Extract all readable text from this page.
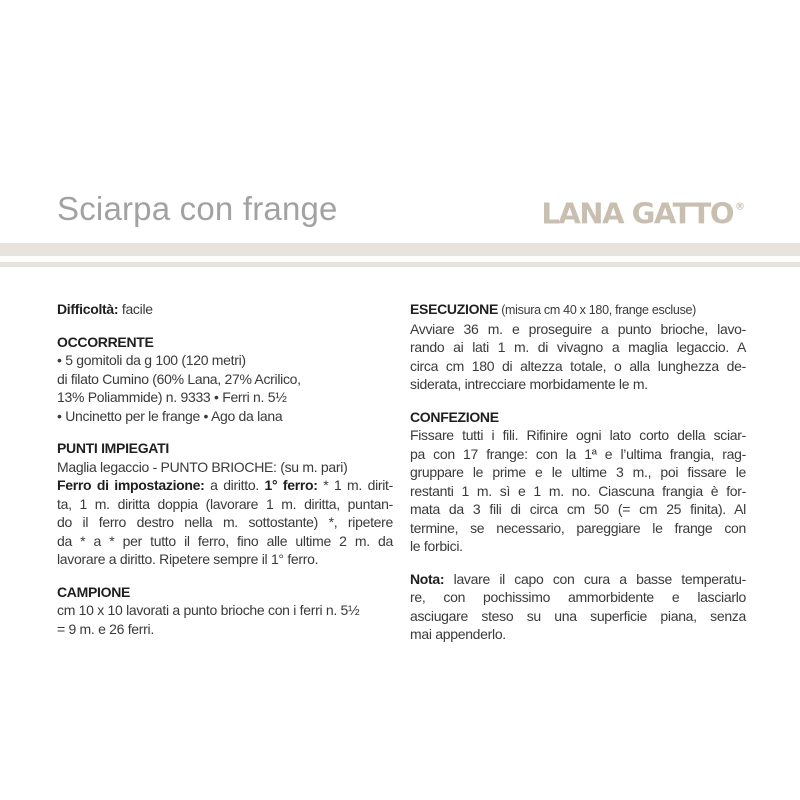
Sciarpa con frange	LANA GATTO ®
Difficoltà: facile
OCCORRENTE
• 5 gomitoli da g 100 (120 metri)
di filato Cumino (60% Lana, 27% Acrilico,
13% Poliammide) n. 9333 • Ferri n. 5½
• Uncinetto per le frange • Ago da lana
PUNTI IMPIEGATI
Maglia legaccio - PUNTO BRIOCHE: (su m. pari)
Ferro di impostazione: a diritto. 1° ferro: * 1 m. dirit-
ta, 1 m. diritta doppia (lavorare 1 m. diritta, puntan-
do il ferro destro nella m. sottostante) *, ripetere
da * a * per tutto il ferro, fino alle ultime 2 m. da
lavorare a diritto. Ripetere sempre il 1° ferro.
CAMPIONE
cm 10 x 10 lavorati a punto brioche con i ferri n. 5½
= 9 m. e 26 ferri.
ESECUZIONE (misura cm 40 x 180, frange escluse)
Avviare 36 m. e proseguire a punto brioche, lavo-
rando ai lati 1 m. di vivagno a maglia legaccio. A
circa cm 180 di altezza totale, o alla lunghezza de-
siderata, intrecciare morbidamente le m.
CONFEZIONE
Fissare tutti i fili. Rifinire ogni lato corto della sciar-
pa con 17 frange: con la 1ª e l’ultima frangia, rag-
gruppare le prime e le ultime 3 m., poi fissare le
restanti 1 m. sì e 1 m. no. Ciascuna frangia è for-
mata da 3 fili di circa cm 50 (= cm 25 finita). Al
termine, se necessario, pareggiare le frange con
le forbici.
Nota: lavare il capo con cura a basse temperatu-
re, con pochissimo ammorbidente e lasciarlo
asciugare steso su una superficie piana, senza
mai appenderlo.
